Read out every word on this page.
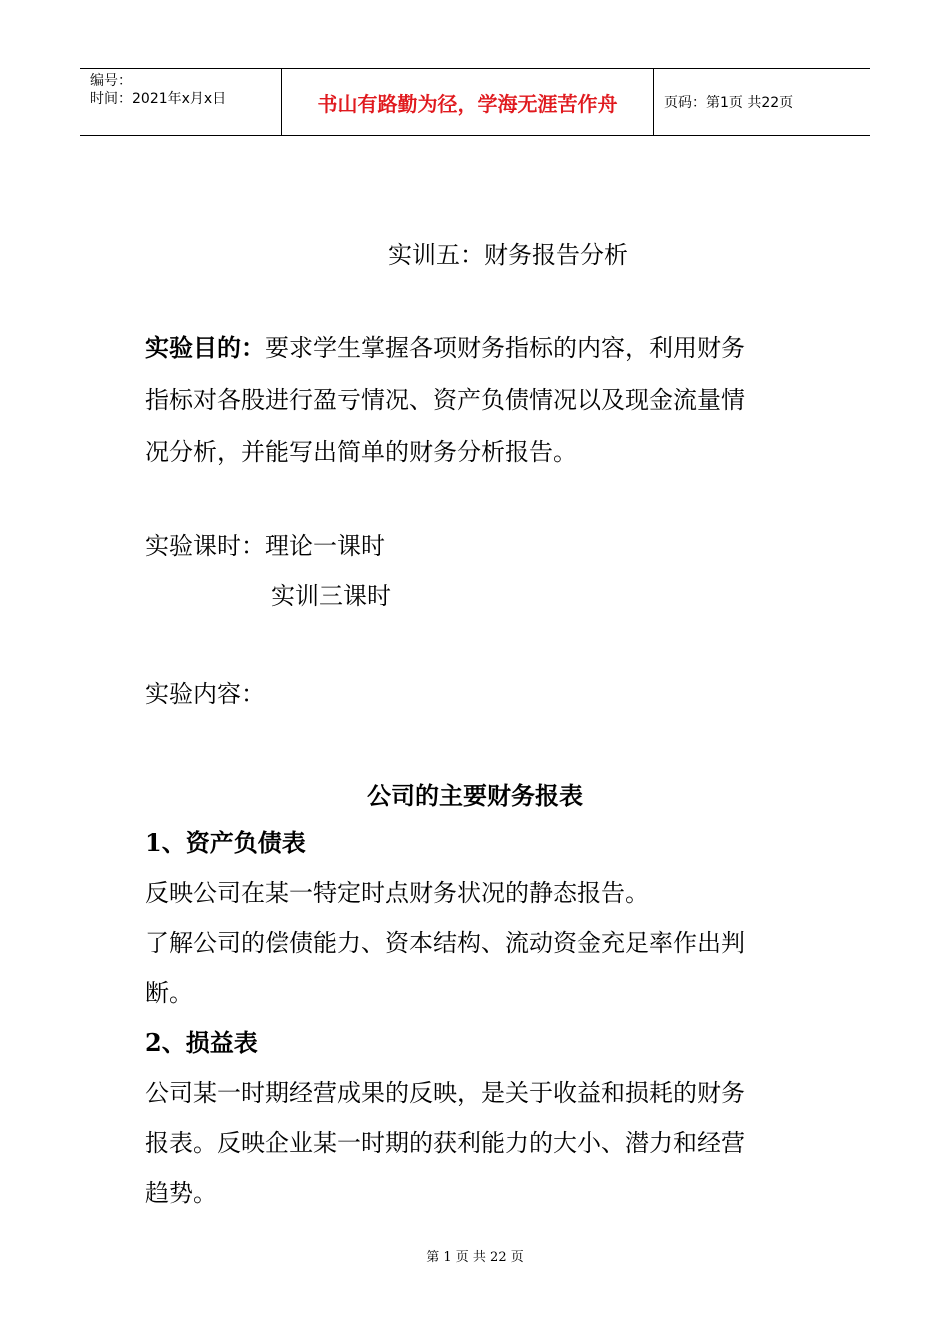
编号：
时间：2021年x月x日	书山有路勤为径，学海无涯苦作舟	页码：第1页 共22页
实训五：财务报告分析
实验目的：要求学生掌握各项财务指标的内容，利用财务
指标对各股进行盈亏情况、资产负债情况以及现金流量情
况分析，并能写出简单的财务分析报告。
实验课时：理论一课时
实训三课时
实验内容：
公司的主要财务报表
1、资产负债表
反映公司在某一特定时点财务状况的静态报告。
了解公司的偿债能力、资本结构、流动资金充足率作出判
断。
2、损益表
公司某一时期经营成果的反映，是关于收益和损耗的财务
报表。反映企业某一时期的获利能力的大小、潜力和经营
趋势。
第 1 页 共 22 页
